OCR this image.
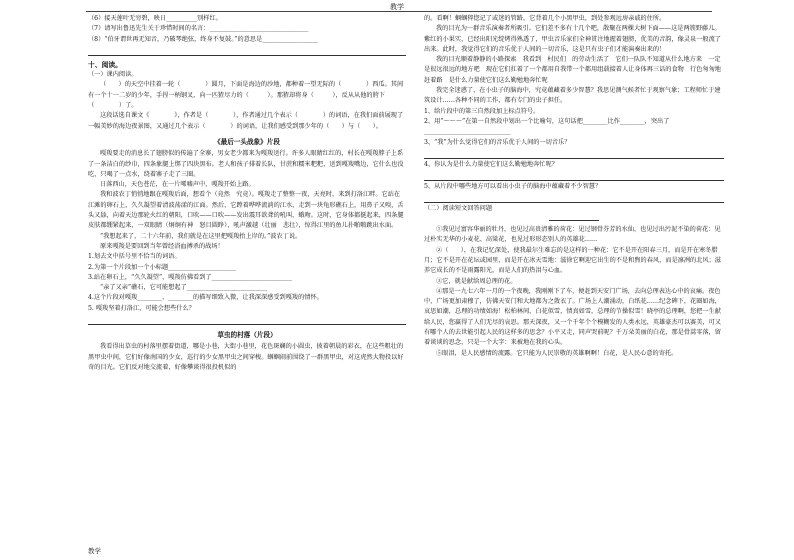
教学

（6）接天莲叶无穷碧，映日__________别样红。

（7）请写出鲁迅先生关于珍惜时间的名言：________________________________

（8）“伯牙谓世再无知音，乃破琴绝弦，终身不复鼓。”的意思是__________________

十、阅读。

（一）课内阅读。

（　　）的天空中挂着一轮（　　　　）圆月，下面是海边的沙地，都种着一望无际的（　　　　）西瓜。其间有一个十一二岁的少年，手捏一柄钢叉，向一匹猹尽力的（　　　）。那猹却将身（　　　），反从从他的胯下（　　　　）了。

这段话选自课文《　　　　》，作者是（　　　　），作者通过几个表示（　　　　）的词语，在我们面前展现了一幅美妙的海边夜景图，又通过几个表示（　　　　）的词语，让我们感受到那少年的（　　）与（　　）。

《最后一头战象》片段

嘎羧要走的消息长了翅膀似的传遍了全寨，男女老少都来为嘎羧送行。许多人眼睛红红的，村长在嘎羧脖子上系了一条洁白的纱巾，四条象腿上绑了四块黑布。老人和孩子排着长队，甘蔗和糯米粑粑，送到嘎羧嘴边，它什么也没吃，只喝了一点水，绕着寨子走了三圈。

日落西山，天色苍茫，在一片唏嘘声中，嘎羧开始上路。

我和波农丁悄悄地跟在嘎羧后面，想看个（竟然　究竟）。嘎羧走了整整一夜，天亮时，来到打洛江畔。它站在江滩的卵石上，久久凝望着清波荡漾的江面。然后，它蹚着哗哗流淌的江水，走到一块龟形礁石上，用鼻子又嗅，舌头又舔，向着天边那轮火红的朝阳，口吹——口吹——发出震耳欲聋的吼叫，蛾吻。这时，它身体都挺起来，四条腿皮肤都绷紧起来，一双眼睛（炯炯有神　怒目圆睁），吼声激越（壮丽　悲壮），惊得江里的鱼儿扑啪啪跳出水面。

“我想起来了，二十六年前，我们就是在这里把嘎羧抬上岸的。”波农丁说。

原来嘎羧是要回到当年曾经浴血搏杀的战场！

1.划去文中括号里不恰当的词语。

2.为第一个片段加一个小标题______________________

3.站在卵石上，“久久凝望”，嘎羧仿佛看到了__________________________

“亲了又亲”礁石，它可能想起了__________________________

4.这个片段对嘎羧________、________的描写细致入微，让我深深感受到嘎羧的情怀。

5. 嘎羧坚着打洛江，可能会想些什么？

草虫的村落（片段）

我看得出草虫的村落里摆着街道，哪是小巷，大街小巷里，花色斑斓的小圆虫，披着朝晨的彩衣，在这些粗壮的黑甲虫中间，它们好像南国的少女，巡行的少女黑甲虫之间穿梭。蝈蝈闹前围绕了一群黑甲虫，对这虎然大物投以好奇的目光。它们反对地交流着，好像攀谈得很投机似的

的。看啊！蝈蝈猝惚记了或迷的管路，它背着几个小黑甲虫，到处参观远房亲戚的住所。

我的目光为一群音乐演奏者所吸引。它们差不多有十几个吧，散聚在两棵大树下面——这是两簇野藤儿。紫红的小果实，已经出阳光绽烤得熟透了，甲虫音乐家们全神贯注地握着翅膀，优美的音韵，像灵泉一般流了出来。此时，我觉得它们的音乐优于人间的一切音乐，这是只有虫子们才能演奏出来的！

我的目光顺着静静的小路探索　我看到　村民们　的劳动生活了　它们一队队不知道从什么地方来　一定是很远很远的地方吧　现在它们扛着了一个都用自我带一个都用组载接着人让身体再三话的食物　行色匆匆地赶着路　是什么力量使它们这么勤勉地奔忙呢

我完全迷惑了，在小虫子的脑海中，究竟蕴藏着多少智慧？我思见测气候者忙于观察气象；工程师忙于建筑设计……各种不同的工作，都有专门的虫子担任。

1、给片段中的第三自然段加上标点符号。

2、用“～～～”在第一自然段中划出一个比喻句，这句话把________比作________，突出了____________________________

3、“我”为什么觉得它们的音乐优于人间的一切音乐？

4、你认为是什么力量使它们这么勤勉地奔忙呢？

5、从片段中哪些地方可以看出小虫子的脑海中蕴藏着不少智慧？

（二）阅读短文回答问题

①我见过富容华丽的牡丹，也见过高贵清雅的荷花：见过钢骨芬芳的水仙，也见过出污泥不染的荷花：见过朴实无华的小麦花、高粱花，也见过形形态别人的英雄花……

②（　　），在我记忆深处，使我最尔生难忘的是这样的一种花：它不是开在阳春三月，而是开在寒冬腊月；它不是开在花坛或园里，而是开在冰天雪地：滋徐它啊迎它出生的不是和煦的春风，而是凛冽的北风；滋养它成长的不是雨露阳光，而是人们的热泪与心血。

③它，就是献给周总理的花。

④那是一九七六年一月的一个夜晚，我刚刚下了车，便赶到天安门广场，去向总理表达心中的哀痛。夜色中，广场更加肃穆了，仿佛天安门和大地都为之敛衣了。广场上人潮涌动，白纸花……纪念碑下，花圈如海，哀思如潮，总理的功绩如海！松柏林间，白花似雪，情真如雪，总理的节操似雪！晓亭的总理啊，您把一生献给人民，您赢得了人们无尽的哀思。那天深夜，又一个千年个个模糊发的人类永远，英雄豪杰可以赛美，可又有哪个人的去世能引起人民的这样多的思念？小平又走，同声哭前呢？千万朵美丽的白花，那是骨蒿零落，留着谈谈的思念，只是一个大字：来被地在我的心头。

⑤眼泪，是人民感情的流露。它只能为人民崇敬的英雄啊啊！白花，是人民心意的寄托。

教学
